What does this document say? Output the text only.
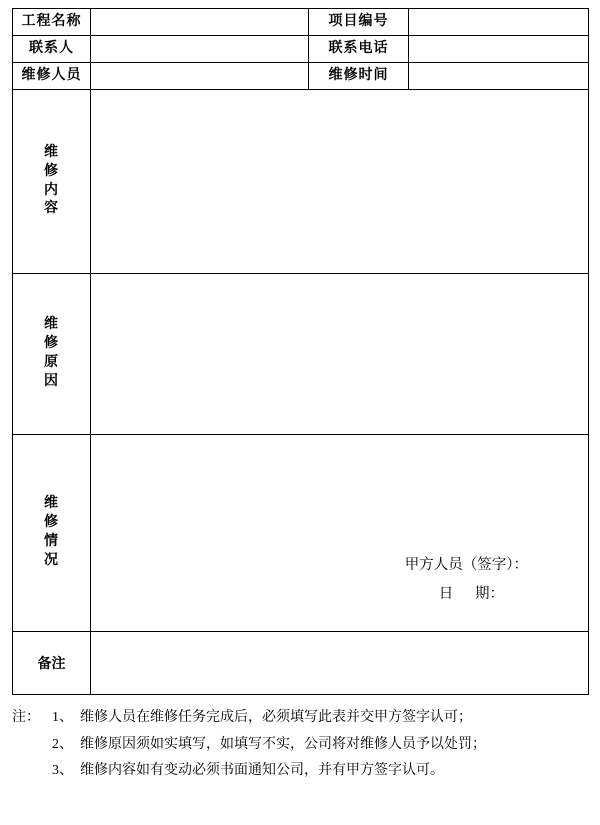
工程名称		项目编号	
联系人		联系电话	
维修人员		维修时间	

维
修
内
容			

维
修
原
因			

维
修
情
况	甲方人员（签字）：
日      期：

备注			
注： 1、 维修人员在维修任务完成后，必须填写此表并交甲方签字认可；
2、 维修原因须如实填写，如填写不实，公司将对维修人员予以处罚；
3、 维修内容如有变动必须书面通知公司，并有甲方签字认可。
